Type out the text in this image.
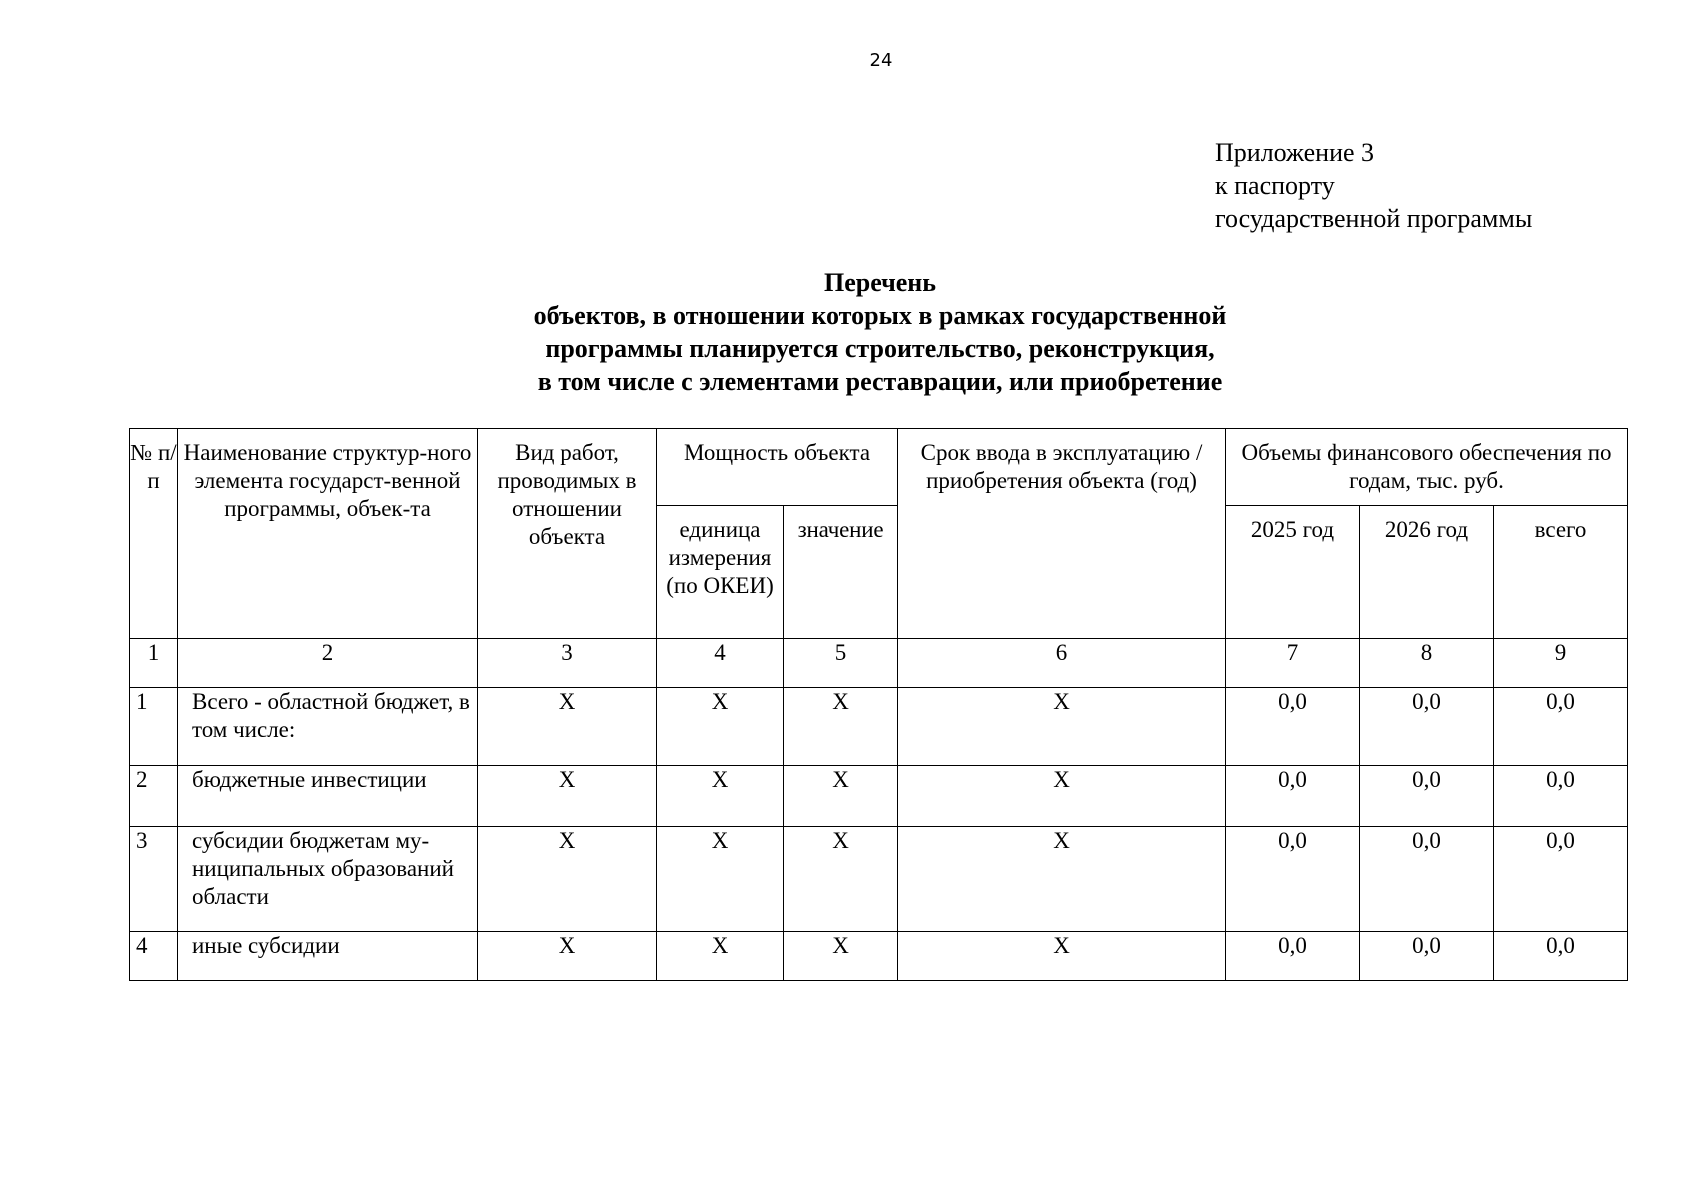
24
Приложение 3
к паспорту
государственной программы
Перечень
объектов, в отношении которых в рамках государственной
программы планируется строительство, реконструкция,
в том числе с элементами реставрации, или приобретение
№ п/п	Наименование структур-ного элемента государст-венной программы, объек-та	Вид работ, проводимых в отношении объекта	Мощность объекта		Срок ввода в эксплуатацию / приобретения объекта (год)	Объемы финансового обеспечения по годам, тыс. руб.		
			единица измерения (по ОКЕИ)	значение		2025 год	2026 год	всего
1	2	3	4	5	6	7	8	9
1	Всего - областной бюджет, в том числе:	X	X	X	X	0,0	0,0	0,0
2	бюджетные инвестиции	X	X	X	X	0,0	0,0	0,0
3	субсидии бюджетам му-ниципальных образований области	X	X	X	X	0,0	0,0	0,0
4	иные субсидии	X	X	X	X	0,0	0,0	0,0
